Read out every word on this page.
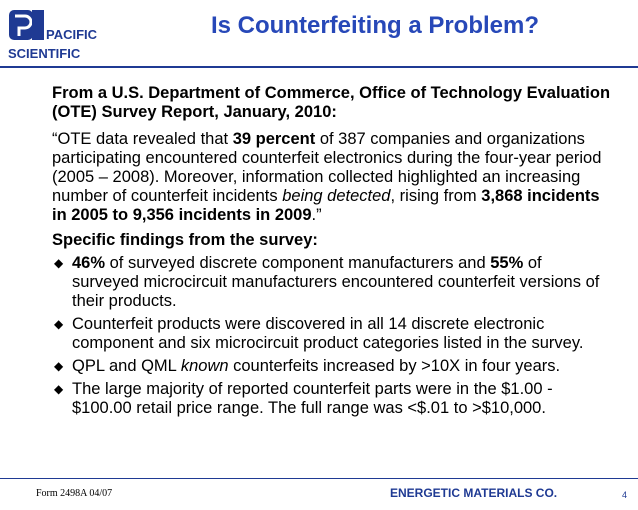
PACIFIC
SCIENTIFIC
Is Counterfeiting a Problem?
From a U.S. Department of Commerce, Office of Technology Evaluation (OTE) Survey Report, January, 2010:
“OTE data revealed that 39 percent of 387 companies and organizations participating encountered counterfeit electronics during the four-year period (2005 – 2008). Moreover, information collected highlighted an increasing number of counterfeit incidents being detected, rising from 3,868 incidents in 2005 to 9,356 incidents in 2009.”
Specific findings from the survey:
◆ 46% of surveyed discrete component manufacturers and 55% of surveyed microcircuit manufacturers encountered counterfeit versions of their products.
◆ Counterfeit products were discovered in all 14 discrete electronic component and six microcircuit product categories listed in the survey.
◆ QPL and QML known counterfeits increased by >10X in four years.
◆ The large majority of reported counterfeit parts were in the $1.00 - $100.00 retail price range. The full range was <$.01 to >$10,000.
Form 2498A 04/07	ENERGETIC MATERIALS CO.	4
